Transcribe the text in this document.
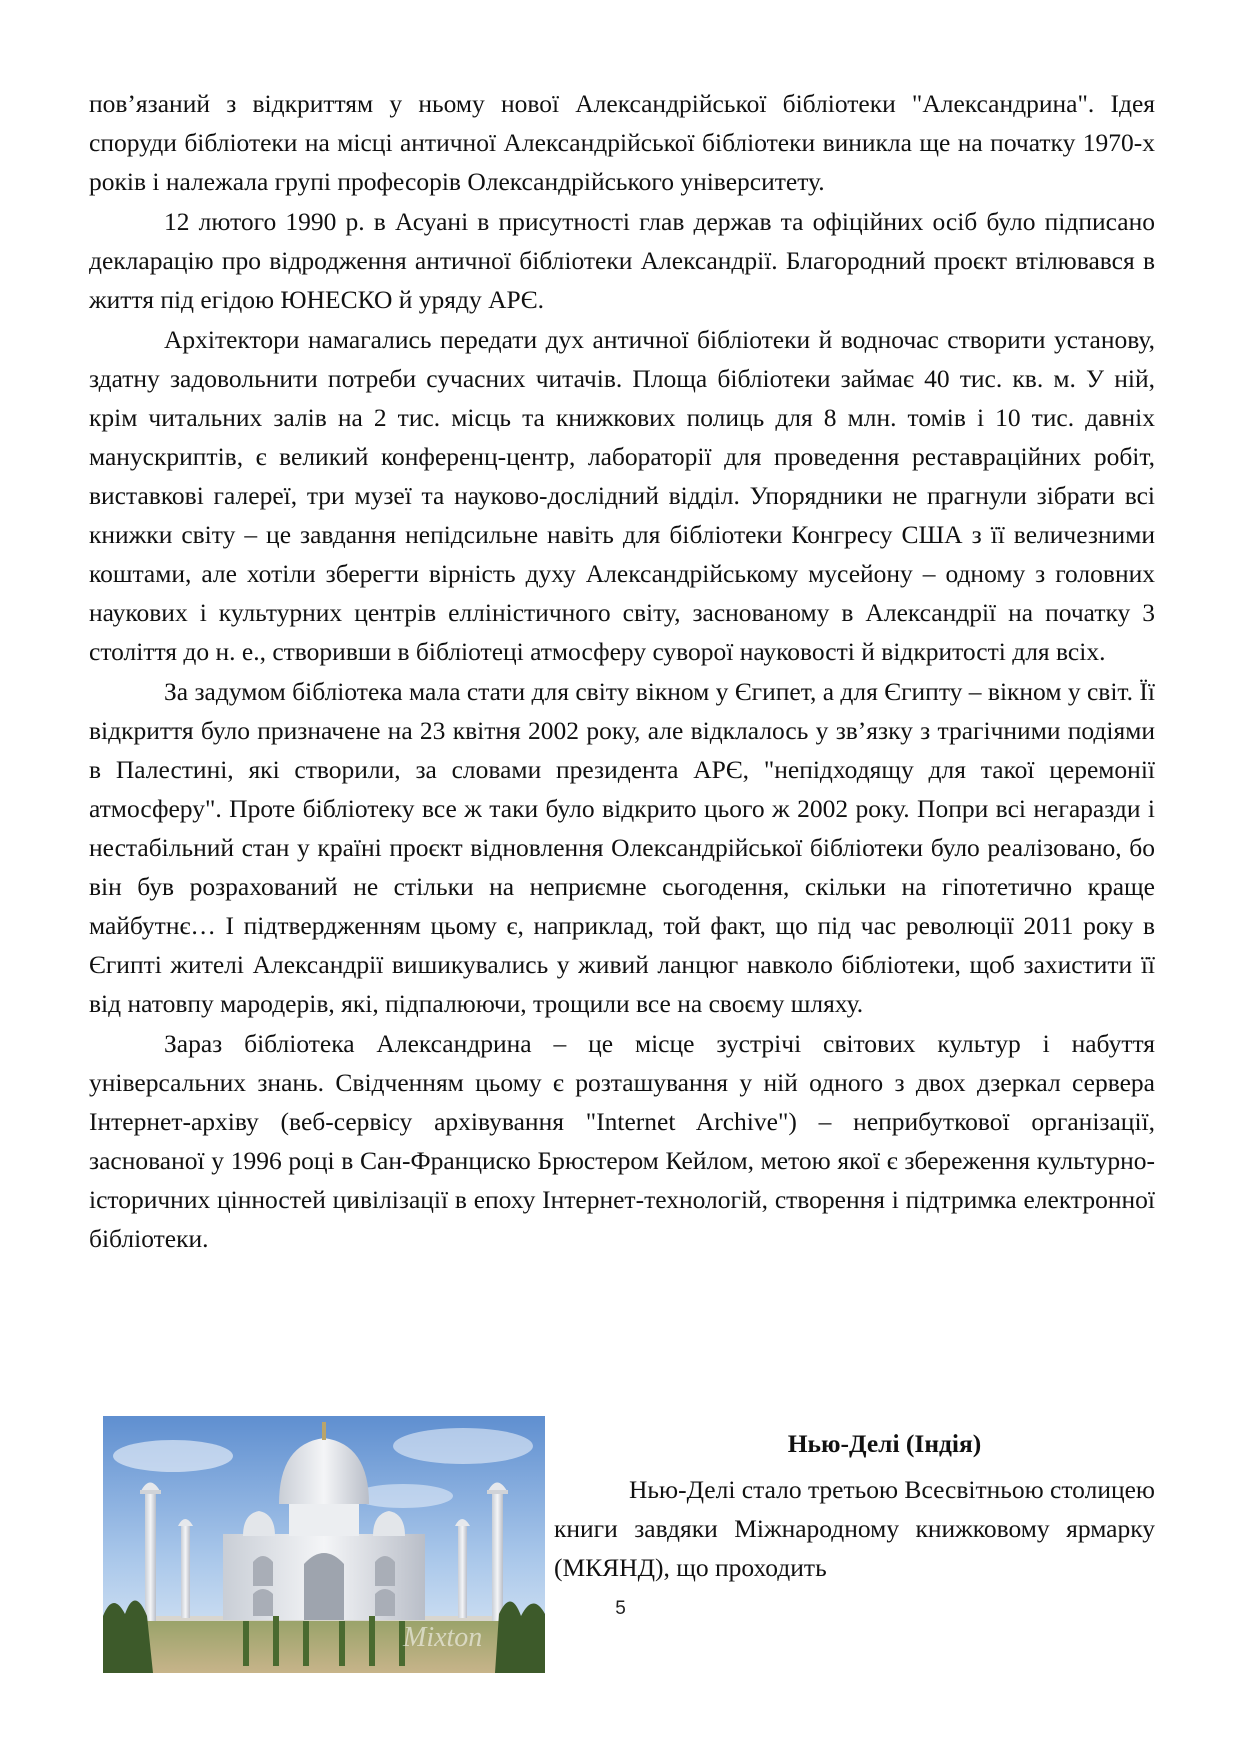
пов’язаний з відкриттям у ньому нової Александрійської бібліотеки "Александрина". Ідея споруди бібліотеки на місці античної Александрійської бібліотеки виникла ще на початку 1970-х років і належала групі професорів Олександрійського університету.

12 лютого 1990 р. в Асуані в присутності глав держав та офіційних осіб було підписано декларацію про відродження античної бібліотеки Александрії. Благородний проєкт втілювався в життя під егідою ЮНЕСКО й уряду АРЄ.

Архітектори намагались передати дух античної бібліотеки й водночас створити установу, здатну задовольнити потреби сучасних читачів. Площа бібліотеки займає 40 тис. кв. м. У ній, крім читальних залів на 2 тис. місць та книжкових полиць для 8 млн. томів і 10 тис. давніх манускриптів, є великий конференц-центр, лабораторії для проведення реставраційних робіт, виставкові галереї, три музеї та науково-дослідний відділ. Упорядники не прагнули зібрати всі книжки світу – це завдання непідсильне навіть для бібліотеки Конгресу США з її величезними коштами, але хотіли зберегти вірність духу Александрійському мусейону – одному з головних наукових і культурних центрів елліністичного світу, заснованому в Александрії на початку 3 століття до н. е., створивши в бібліотеці атмосферу суворої науковості й відкритості для всіх.

За задумом бібліотека мала стати для світу вікном у Єгипет, а для Єгипту – вікном у світ. Її відкриття було призначене на 23 квітня 2002 року, але відклалось у зв’язку з трагічними подіями в Палестині, які створили, за словами президента АРЄ, "непідходящу для такої церемонії атмосферу". Проте бібліотеку все ж таки було відкрито цього ж 2002 року. Попри всі негаразди і нестабільний стан у країні проєкт відновлення Олександрійської бібліотеки було реалізовано, бо він був розрахований не стільки на неприємне сьогодення, скільки на гіпотетично краще майбутнє… І підтвердженням цьому є, наприклад, той факт, що під час революції 2011 року в Єгипті жителі Александрії вишикувались у живий ланцюг навколо бібліотеки, щоб захистити її від натовпу мародерів, які, підпалюючи, трощили все на своєму шляху.

Зараз бібліотека Александрина – це місце зустрічі світових культур і набуття універсальних знань. Свідченням цьому є розташування у ній одного з двох дзеркал сервера Інтернет-архіву (веб-сервісу архівування "Internet Archive") – неприбуткової організації, заснованої у 1996 році в Сан-Франциско Брюстером Кейлом, метою якої є збереження культурно-історичних цінностей цивілізації в епоху Інтернет-технологій, створення і підтримка електронної бібліотеки.

Mixton

Нью-Делі (Індія)

Нью-Делі стало третьою Всесвітньою столицею книги завдяки Міжнародному книжковому ярмарку (МКЯНД), що проходить

5
